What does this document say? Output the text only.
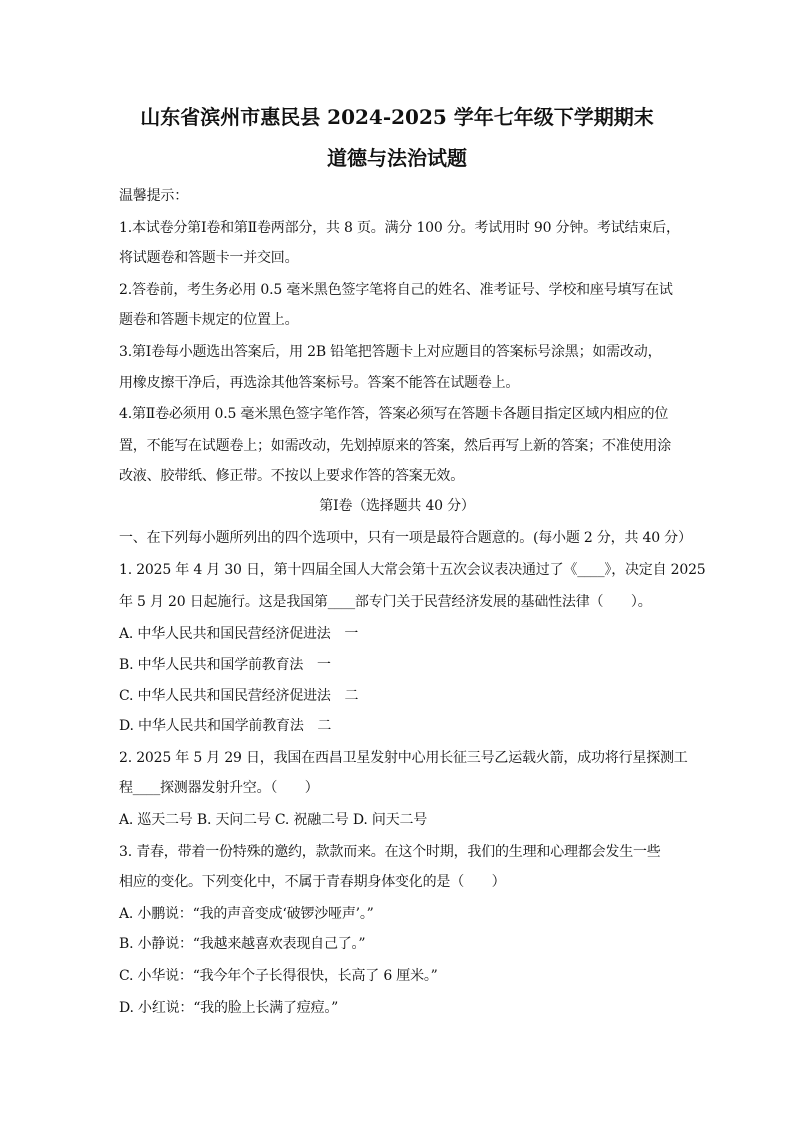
山东省滨州市惠民县 2024-2025 学年七年级下学期期末
道德与法治试题
温馨提示：
1.本试卷分第Ⅰ卷和第Ⅱ卷两部分，共 8 页。满分 100 分。考试用时 90 分钟。考试结束后，
将试题卷和答题卡一并交回。
2.答卷前，考生务必用 0.5 毫米黑色签字笔将自己的姓名、准考证号、学校和座号填写在试
题卷和答题卡规定的位置上。
3.第Ⅰ卷每小题选出答案后，用 2B 铅笔把答题卡上对应题目的答案标号涂黑；如需改动，
用橡皮擦干净后，再选涂其他答案标号。答案不能答在试题卷上。
4.第Ⅱ卷必须用 0.5 毫米黑色签字笔作答，答案必须写在答题卡各题目指定区域内相应的位
置，不能写在试题卷上；如需改动，先划掉原来的答案，然后再写上新的答案；不准使用涂
改液、胶带纸、修正带。不按以上要求作答的答案无效。
第Ⅰ卷（选择题共 40 分）
一、在下列每小题所列出的四个选项中，只有一项是最符合题意的。(每小题 2 分，共 40 分）
1. 2025 年 4 月 30 日，第十四届全国人大常会第十五次会议表决通过了《____》，决定自 2025
年 5 月 20 日起施行。这是我国第____部专门关于民营经济发展的基础性法律（　　）。
A. 中华人民共和国民营经济促进法　一
B. 中华人民共和国学前教育法　一
C. 中华人民共和国民营经济促进法　二
D. 中华人民共和国学前教育法　二
2. 2025 年 5 月 29 日，我国在西昌卫星发射中心用长征三号乙运载火箭，成功将行星探测工
程____探测器发射升空。（　　）
A. 巡天二号 B. 天问二号 C. 祝融二号 D. 问天二号
3. 青春，带着一份特殊的邀约，款款而来。在这个时期，我们的生理和心理都会发生一些
相应的变化。下列变化中，不属于青春期身体变化的是（　　）
A. 小鹏说：“我的声音变成‘破锣沙哑声’。”
B. 小静说：“我越来越喜欢表现自己了。”
C. 小华说：“我今年个子长得很快，长高了 6 厘米。”
D. 小红说：“我的脸上长满了痘痘。”
